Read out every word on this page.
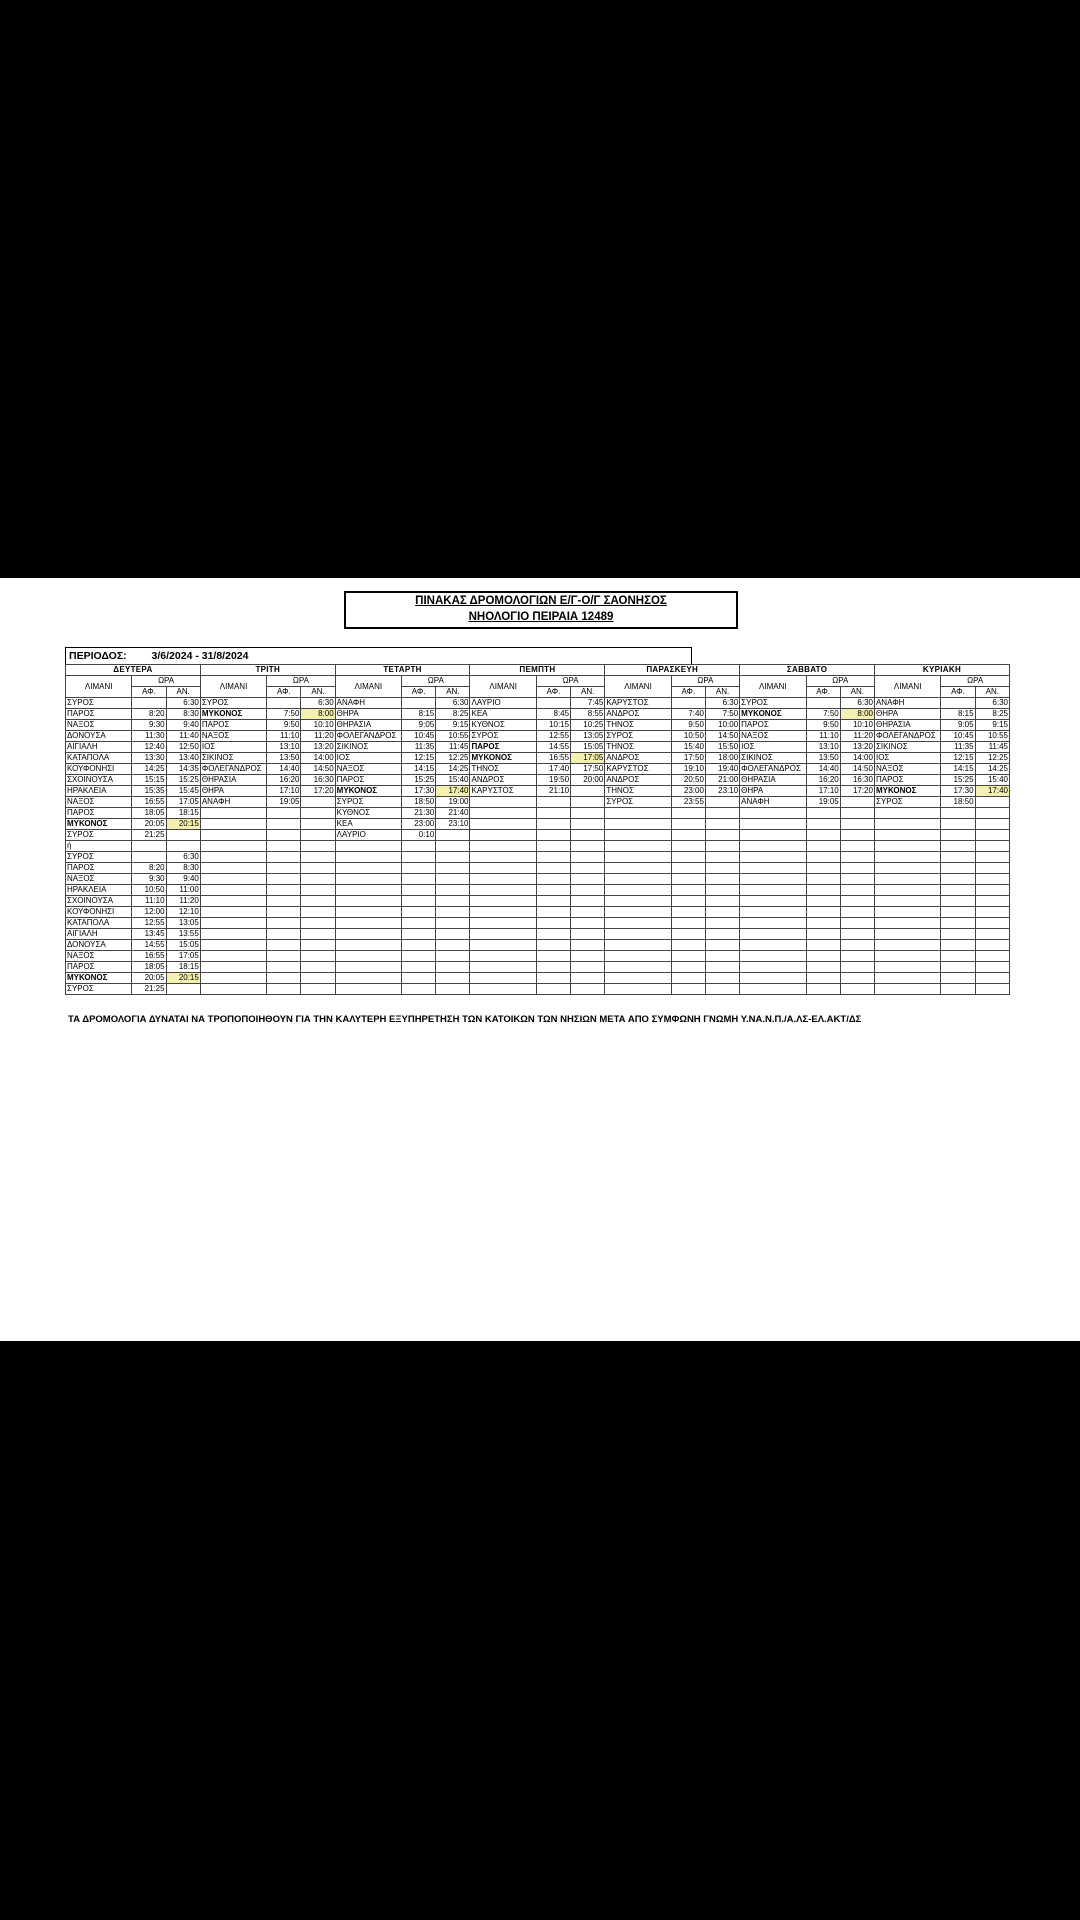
ΠΙΝΑΚΑΣ ΔΡΟΜΟΛΟΓΙΩΝ Ε/Γ-Ο/Γ ΣΑΟΝΗΣΟΣ
ΝΗΟΛΟΓΙΟ ΠΕΙΡΑΙΑ 12489
ΠΕΡΙΟΔΟΣ: 3/6/2024 - 31/8/2024
ΔΕΥΤΕΡΑ			ΤΡΙΤΗ			ΤΕΤΑΡΤΗ			ΠΕΜΠΤΗ			ΠΑΡΑΣΚΕΥΗ			ΣΑΒΒΑΤΟ			ΚΥΡΙΑΚΗ		
ΛΙΜΑΝΙ	ΩΡΑ		ΛΙΜΑΝΙ	ΩΡΑ		ΛΙΜΑΝΙ	ΩΡΑ		ΛΙΜΑΝΙ	ΩΡΑ		ΛΙΜΑΝΙ	ΩΡΑ		ΛΙΜΑΝΙ	ΩΡΑ		ΛΙΜΑΝΙ	ΩΡΑ	
	ΑΦ.	ΑΝ.		ΑΦ.	ΑΝ.		ΑΦ.	ΑΝ.		ΑΦ.	ΑΝ.		ΑΦ.	ΑΝ.		ΑΦ.	ΑΝ.		ΑΦ.	ΑΝ.
ΣΥΡΟΣ		6:30	ΣΥΡΟΣ		6:30	ΑΝΑΦΗ		6:30	ΛΑΥΡΙΟ		7:45	ΚΑΡΥΣΤΟΣ		6:30	ΣΥΡΟΣ		6:30	ΑΝΑΦΗ		6:30
ΠΑΡΟΣ	8:20	8:30	ΜΥΚΟΝΟΣ	7:50	8:00	ΘΗΡΑ	8:15	8:25	ΚΕΑ	8:45	8:55	ΑΝΔΡΟΣ	7:40	7:50	ΜΥΚΟΝΟΣ	7:50	8:00	ΘΗΡΑ	8:15	8:25
ΝΑΞΟΣ	9:30	9:40	ΠΑΡΟΣ	9:50	10:10	ΘΗΡΑΣΙΑ	9:05	9:15	ΚΥΘΝΟΣ	10:15	10:25	ΤΗΝΟΣ	9:50	10:00	ΠΑΡΟΣ	9:50	10:10	ΘΗΡΑΣΙΑ	9:05	9:15
ΔΟΝΟΥΣΑ	11:30	11:40	ΝΑΞΟΣ	11:10	11:20	ΦΟΛΕΓΑΝΔΡΟΣ	10:45	10:55	ΣΥΡΟΣ	12:55	13:05	ΣΥΡΟΣ	10:50	14:50	ΝΑΞΟΣ	11:10	11:20	ΦΟΛΕΓΑΝΔΡΟΣ	10:45	10:55
ΑΙΓΙΑΛΗ	12:40	12:50	ΙΟΣ	13:10	13:20	ΣΙΚΙΝΟΣ	11:35	11:45	ΠΑΡΟΣ	14:55	15:05	ΤΗΝΟΣ	15:40	15:50	ΙΟΣ	13:10	13:20	ΣΙΚΙΝΟΣ	11:35	11:45
ΚΑΤΑΠΟΛΑ	13:30	13:40	ΣΙΚΙΝΟΣ	13:50	14:00	ΙΟΣ	12:15	12:25	ΜΥΚΟΝΟΣ	16:55	17:05	ΑΝΔΡΟΣ	17:50	18:00	ΣΙΚΙΝΟΣ	13:50	14:00	ΙΟΣ	12:15	12:25
ΚΟΥΦΟΝΗΣΙ	14:25	14:35	ΦΟΛΕΓΑΝΔΡΟΣ	14:40	14:50	ΝΑΞΟΣ	14:15	14:25	ΤΗΝΟΣ	17:40	17:50	ΚΑΡΥΣΤΟΣ	19:10	19:40	ΦΟΛΕΓΑΝΔΡΟΣ	14:40	14:50	ΝΑΞΟΣ	14:15	14:25
ΣΧΟΙΝΟΥΣΑ	15:15	15:25	ΘΗΡΑΣΙΑ	16:20	16:30	ΠΑΡΟΣ	15:25	15:40	ΑΝΔΡΟΣ	19:50	20:00	ΑΝΔΡΟΣ	20:50	21:00	ΘΗΡΑΣΙΑ	16:20	16:30	ΠΑΡΟΣ	15:25	15:40
ΗΡΑΚΛΕΙΑ	15:35	15:45	ΘΗΡΑ	17:10	17:20	ΜΥΚΟΝΟΣ	17:30	17:40	ΚΑΡΥΣΤΟΣ	21:10		ΤΗΝΟΣ	23:00	23:10	ΘΗΡΑ	17:10	17:20	ΜΥΚΟΝΟΣ	17:30	17:40
ΝΑΞΟΣ	16:55	17:05	ΑΝΑΦΗ	19:05		ΣΥΡΟΣ	18:50	19:00				ΣΥΡΟΣ	23:55		ΑΝΑΦΗ	19:05		ΣΥΡΟΣ	18:50	
ΠΑΡΟΣ	18:05	18:15				ΚΥΘΝΟΣ	21:30	21:40												
ΜΥΚΟΝΟΣ	20:05	20:15				ΚΕΑ	23:00	23:10												
ΣΥΡΟΣ	21:25					ΛΑΥΡΙΟ	0:10													
ή																				
ΣΥΡΟΣ		6:30																		
ΠΑΡΟΣ	8:20	8:30																		
ΝΑΞΟΣ	9:30	9:40																		
ΗΡΑΚΛΕΙΑ	10:50	11:00																		
ΣΧΟΙΝΟΥΣΑ	11:10	11:20																		
ΚΟΥΦΟΝΗΣΙ	12:00	12:10																		
ΚΑΤΑΠΟΛΑ	12:55	13:05																		
ΑΙΓΙΑΛΗ	13:45	13:55																		
ΔΟΝΟΥΣΑ	14:55	15:05																		
ΝΑΞΟΣ	16:55	17:05																		
ΠΑΡΟΣ	18:05	18:15																		
ΜΥΚΟΝΟΣ	20:05	20:15																		
ΣΥΡΟΣ	21:25																			
ΤΑ ΔΡΟΜΟΛΟΓΙΑ ΔΥΝΑΤΑΙ ΝΑ ΤΡΟΠΟΠΟΙΗΘΟΥΝ ΓΙΑ ΤΗΝ ΚΑΛΥΤΕΡΗ ΕΞΥΠΗΡΕΤΗΣΗ ΤΩΝ ΚΑΤΟΙΚΩΝ ΤΩΝ ΝΗΣΙΩΝ ΜΕΤΑ ΑΠΟ ΣΥΜΦΩΝΗ ΓΝΩΜΗ Υ.ΝΑ.Ν.Π./Α.ΛΣ-ΕΛ.ΑΚΤ/ΔΣ
